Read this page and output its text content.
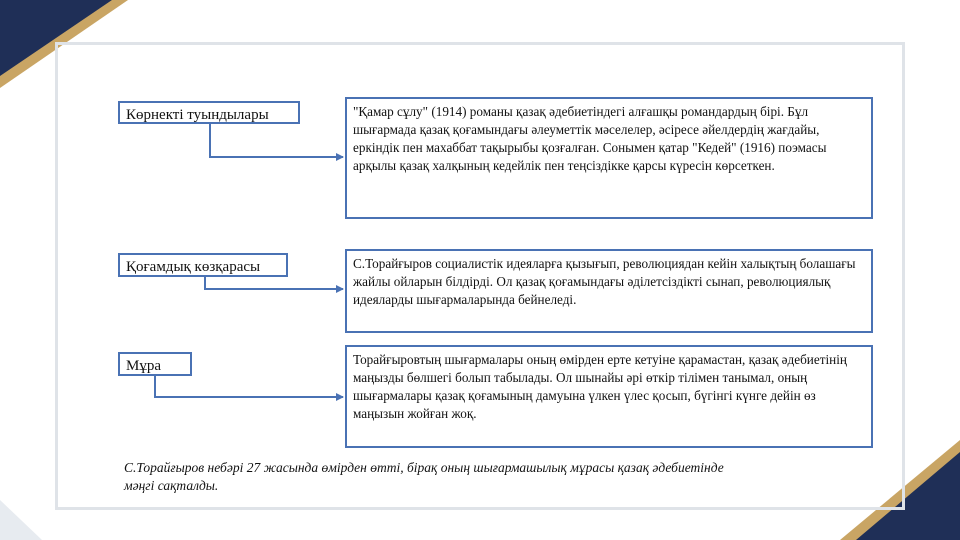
Көрнекті туындылары	"Қамар сұлу" (1914) романы қазақ әдебиетіндегі алғашқы романдардың бірі. Бұл шығармада қазақ қоғамындағы әлеуметтік мәселелер, әсіресе әйелдердің жағдайы, еркіндік пен махаббат тақырыбы қозғалған. Сонымен қатар "Кедей" (1916) поэмасы арқылы қазақ халқының кедейлік пен теңсіздікке қарсы күресін көрсеткен.
Қоғамдық көзқарасы	С.Торайғыров социалистік идеяларға қызығып, революциядан кейін халықтың болашағы жайлы ойларын білдірді. Ол қазақ қоғамындағы әділетсіздікті сынап, революциялық идеяларды шығармаларында бейнеледі.
Мұра	Торайғыровтың шығармалары оның өмірден ерте кетуіне қарамастан, қазақ әдебиетінің маңызды бөлшегі болып табылады. Ол шынайы әрі өткір тілімен танымал, оның шығармалары қазақ қоғамының дамуына үлкен үлес қосып, бүгінгі күнге дейін өз маңызын жойған жоқ.
С.Торайғыров небәрі 27 жасында өмірден өтті, бірақ оның шығармашылық мұрасы қазақ әдебиетінде мәңгі сақталды.
